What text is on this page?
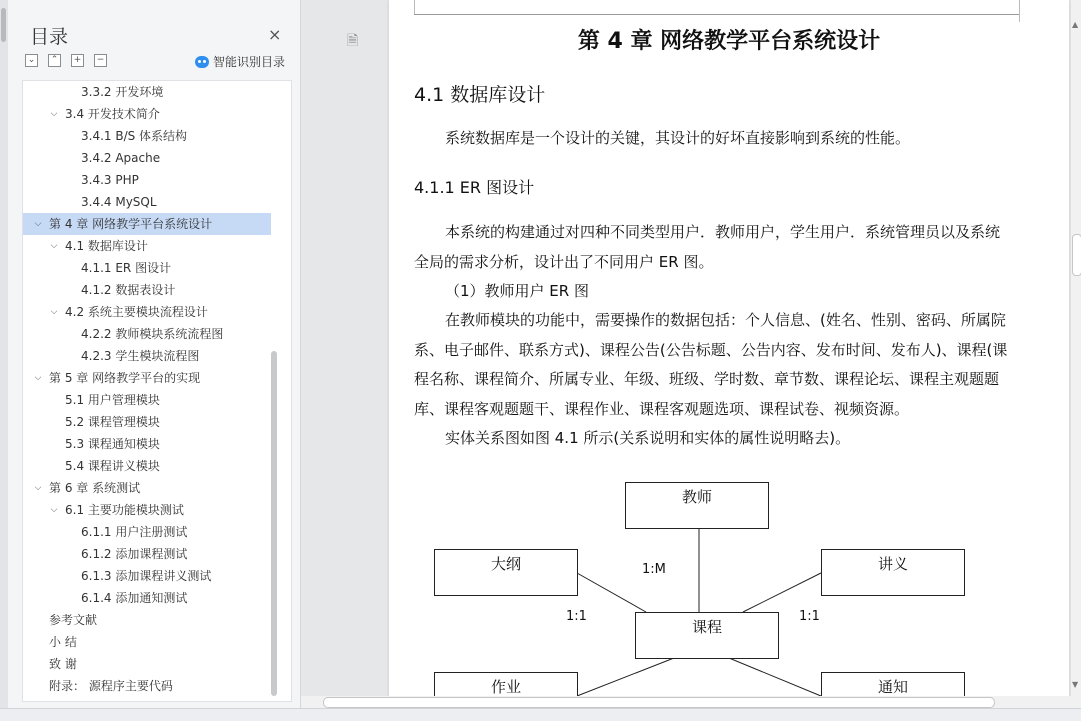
目录	×
⌄	⌃	+	−	智能识别目录
3.3.2 开发环境
⌵ 3.4 开发技术简介
3.4.1 B/S 体系结构
3.4.2 Apache
3.4.3 PHP
3.4.4 MySQL
⌵ 第 4 章 网络教学平台系统设计
⌵ 4.1 数据库设计
4.1.1 ER 图设计
4.1.2 数据表设计
⌵ 4.2 系统主要模块流程设计
4.2.2 教师模块系统流程图
4.2.3 学生模块流程图
⌵ 第 5 章 网络教学平台的实现
5.1 用户管理模块
5.2 课程管理模块
5.3 课程通知模块
5.4 课程讲义模块
⌵ 第 6 章 系统测试
⌵ 6.1 主要功能模块测试
6.1.1 用户注册测试
6.1.2 添加课程测试
6.1.3 添加课程讲义测试
6.1.4 添加通知测试
参考文献
小 结
致 谢
附录： 源程序主要代码
🗎	第 4 章 网络教学平台系统设计
4.1 数据库设计
系统数据库是一个设计的关键，其设计的好坏直接影响到系统的性能。
4.1.1 ER 图设计
本系统的构建通过对四种不同类型用户．教师用户，学生用户．系统管理员以及系统全局的需求分析，设计出了不同用户 ER 图。
（1）教师用户 ER 图
在教师模块的功能中，需要操作的数据包括：个人信息、(姓名、性别、密码、所属院系、电子邮件、联系方式)、课程公告(公告标题、公告内容、发布时间、发布人)、课程(课程名称、课程简介、所属专业、年级、班级、学时数、章节数、课程论坛、课程主观题题库、课程客观题题干、课程作业、课程客观题选项、课程试卷、视频资源。
实体关系图如图 4.1 所示(关系说明和实体的属性说明略去)。
教师
大纲	讲义
课程
作业	通知
1:M
1:1	1:1
▲
▼
